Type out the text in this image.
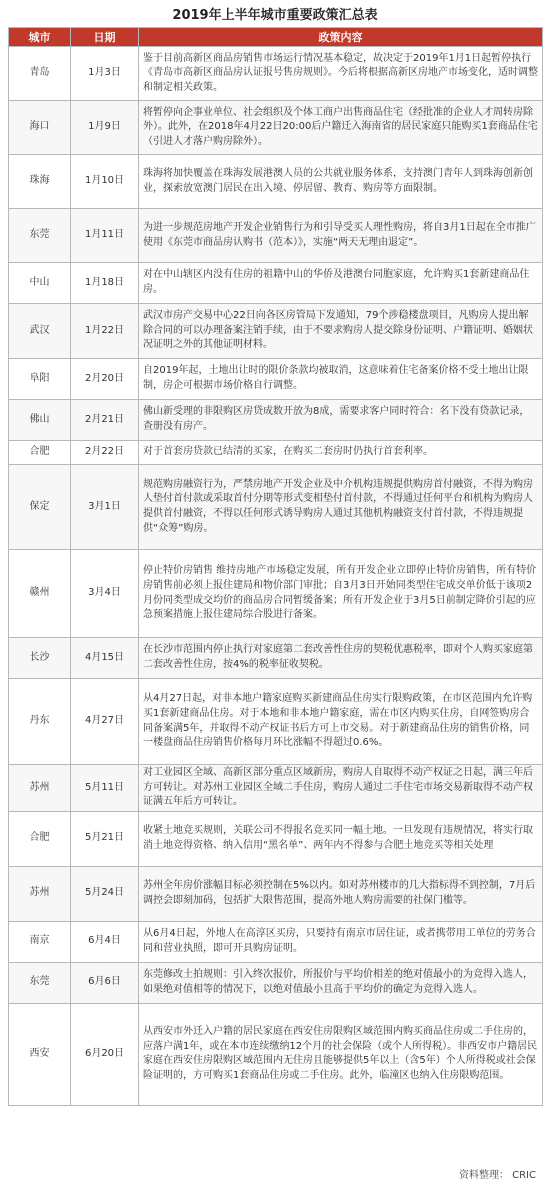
2019年上半年城市重要政策汇总表
城市	日期	政策内容
青岛	1月3日	鉴于目前高新区商品房销售市场运行情况基本稳定，故决定于2019年1月1日起暂停执行《青岛市高新区商品房认证报号售房规则》。今后将根据高新区房地产市场变化，适时调整和制定相关政策。
海口	1月9日	将暂停向企事业单位、社会组织及个体工商户出售商品住宅（经批准的企业人才周转房除外）。此外，在2018年4月22日20:00后户籍迁入海南省的居民家庭只能购买1套商品住宅（引进人才落户购房除外）。
珠海	1月10日	珠海将加快覆盖在珠海发展港澳人员的公共就业服务体系，支持澳门青年人到珠海创新创业，探索放宽澳门居民在出入境、停居留、教育、购房等方面限制。
东莞	1月11日	为进一步规范房地产开发企业销售行为和引导受买人理性购房，将自3月1日起在全市推广使用《东莞市商品房认购书（范本）》，实施“两天无理由退定”。
中山	1月18日	对在中山辖区内没有住房的祖籍中山的华侨及港澳台同胞家庭，允许购买1套新建商品住房。
武汉	1月22日	武汉市房产交易中心22日向各区房管局下发通知，79个涉稳楼盘项目，凡购房人提出解除合同的可以办理备案注销手续，由于不要求购房人提交除身份证明、户籍证明、婚姻状况证明之外的其他证明材料。
阜阳	2月20日	自2019年起，土地出让时的限价条款均被取消，这意味着住宅备案价格不受土地出让限制，房企可根据市场价格自行调整。
佛山	2月21日	佛山新受理的非限购区房贷成数开放为8成，需要求客户同时符合：名下没有贷款记录，查册没有房产。
合肥	2月22日	对于首套房贷款已结清的买家，在购买二套房时仍执行首套利率。
保定	3月1日	规范购房融资行为，严禁房地产开发企业及中介机构违规提供购房首付融资，不得为购房人垫付首付款或采取首付分期等形式变相垫付首付款，不得通过任何平台和机构为购房人提供首付融资，不得以任何形式诱导购房人通过其他机构融资支付首付款，不得违规提供“众筹”购房。
赣州	3月4日	停止特价房销售 维持房地产市场稳定发展，所有开发企业立即停止特价房销售，所有特价房销售前必须上报住建局和物价部门审批；自3月3日开始同类型住宅成交单价低于该项2月份同类型成交均价的商品房合同暂缓备案；所有开发企业于3月5日前制定降价引起的应急预案措施上报住建局综合股进行备案。
长沙	4月15日	在长沙市范围内停止执行对家庭第二套改善性住房的契税优惠税率，即对个人购买家庭第二套改善性住房，按4%的税率征收契税。
丹东	4月27日	从4月27日起，对非本地户籍家庭购买新建商品住房实行限购政策，在市区范围内允许购买1套新建商品住房。对于本地和非本地户籍家庭，需在市区内购买住房，自网签购房合同备案满5年，并取得不动产权证书后方可上市交易。对于新建商品住房的销售价格，同一楼盘商品住房销售价格每月环比涨幅不得超过0.6%。
苏州	5月11日	对工业园区全域、高新区部分重点区域新房，购房人自取得不动产权证之日起，满三年后方可转让。对苏州工业园区全域二手住房，购房人通过二手住宅市场交易新取得不动产权证满五年后方可转让。
合肥	5月21日	收紧土地竞买规则，关联公司不得报名竞买同一幅土地。一旦发现有违规情况，将实行取消土地竞得资格、纳入信用“黑名单”、两年内不得参与合肥土地竞买等相关处理
苏州	5月24日	苏州全年房价涨幅目标必须控制在5%以内。如对苏州楼市的几大指标得不到控制，7月后调控会即刻加码，包括扩大限售范围，提高外地人购房需要的社保门槛等。
南京	6月4日	从6月4日起，外地人在高淳区买房，只要持有南京市居住证，或者携带用工单位的劳务合同和营业执照，即可开具购房证明。
东莞	6月6日	东莞修改土拍规则：引入终次报价，所报价与平均价相差的绝对值最小的为竞得入选人，如果绝对值相等的情况下，以绝对值最小且高于平均价的确定为竞得入选人。
西安	6月20日	从西安市外迁入户籍的居民家庭在西安住房限购区域范围内购买商品住房或二手住房的，应落户满1年，或在本市连续缴纳12个月的社会保险（或个人所得税）。非西安市户籍居民家庭在西安住房限购区域范围内无住房且能够提供5年以上（含5年）个人所得税或社会保险证明的，方可购买1套商品住房或二手住房。此外，临潼区也纳入住房限购范围。
资料整理： CRIC
